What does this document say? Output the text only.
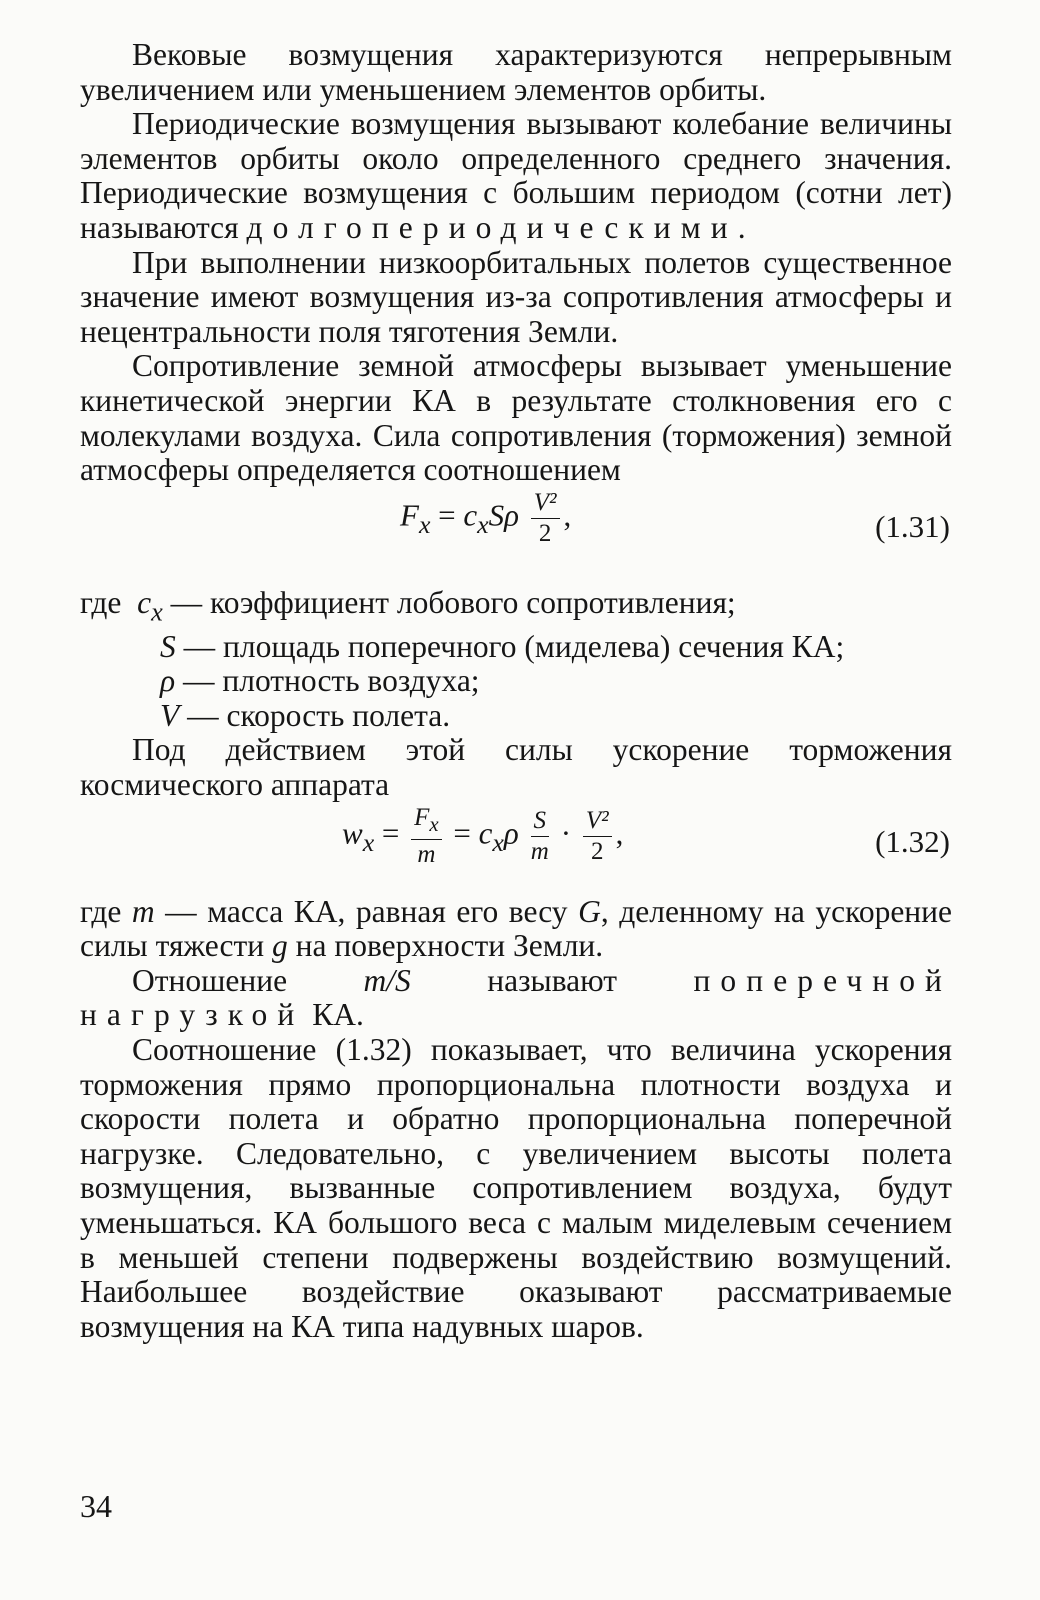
Вековые возмущения характеризуются непрерывным увеличением или уменьшением элементов орбиты.

Периодические возмущения вызывают колебание величины элементов орбиты около определенного среднего значения. Периодические возмущения с большим периодом (сотни лет) называются долгопериодическими.

При выполнении низкоорбитальных полетов существенное значение имеют возмущения из-за сопротивления атмосферы и нецентральности поля тяготения Земли.

Сопротивление земной атмосферы вызывает уменьшение кинетической энергии КА в результате столкновения его с молекулами воздуха. Сила сопротивления (торможения) земной атмосферы определяется соотношением

$F_x = c_xS\rho \frac{\text{V²}}{2}$ ,	(1.31)

где $c_x$ — коэффициент лобового сопротивления;

S — площадь поперечного (миделева) сечения КА;

ρ — плотность воздуха;

V — скорость полета.

Под действием этой силы ускорение торможения космического аппарата

$w_x = \frac{F_x}{m} = c_x\rho \frac{S}{m} \cdot \frac{\text{V²}}{2}$ ,	(1.32)

где m — масса КА, равная его весу G, деленному на ускорение силы тяжести g на поверхности Земли.

Отношение m/S называют поперечной нагрузкой КА.

Соотношение (1.32) показывает, что величина ускорения торможения прямо пропорциональна плотности воздуха и скорости полета и обратно пропорциональна поперечной нагрузке. Следовательно, с увеличением высоты полета возмущения, вызванные сопротивлением воздуха, будут уменьшаться. КА большого веса с малым миделевым сечением в меньшей степени подвержены воздействию возмущений. Наибольшее воздействие оказывают рассматриваемые возмущения на КА типа надувных шаров.

34
